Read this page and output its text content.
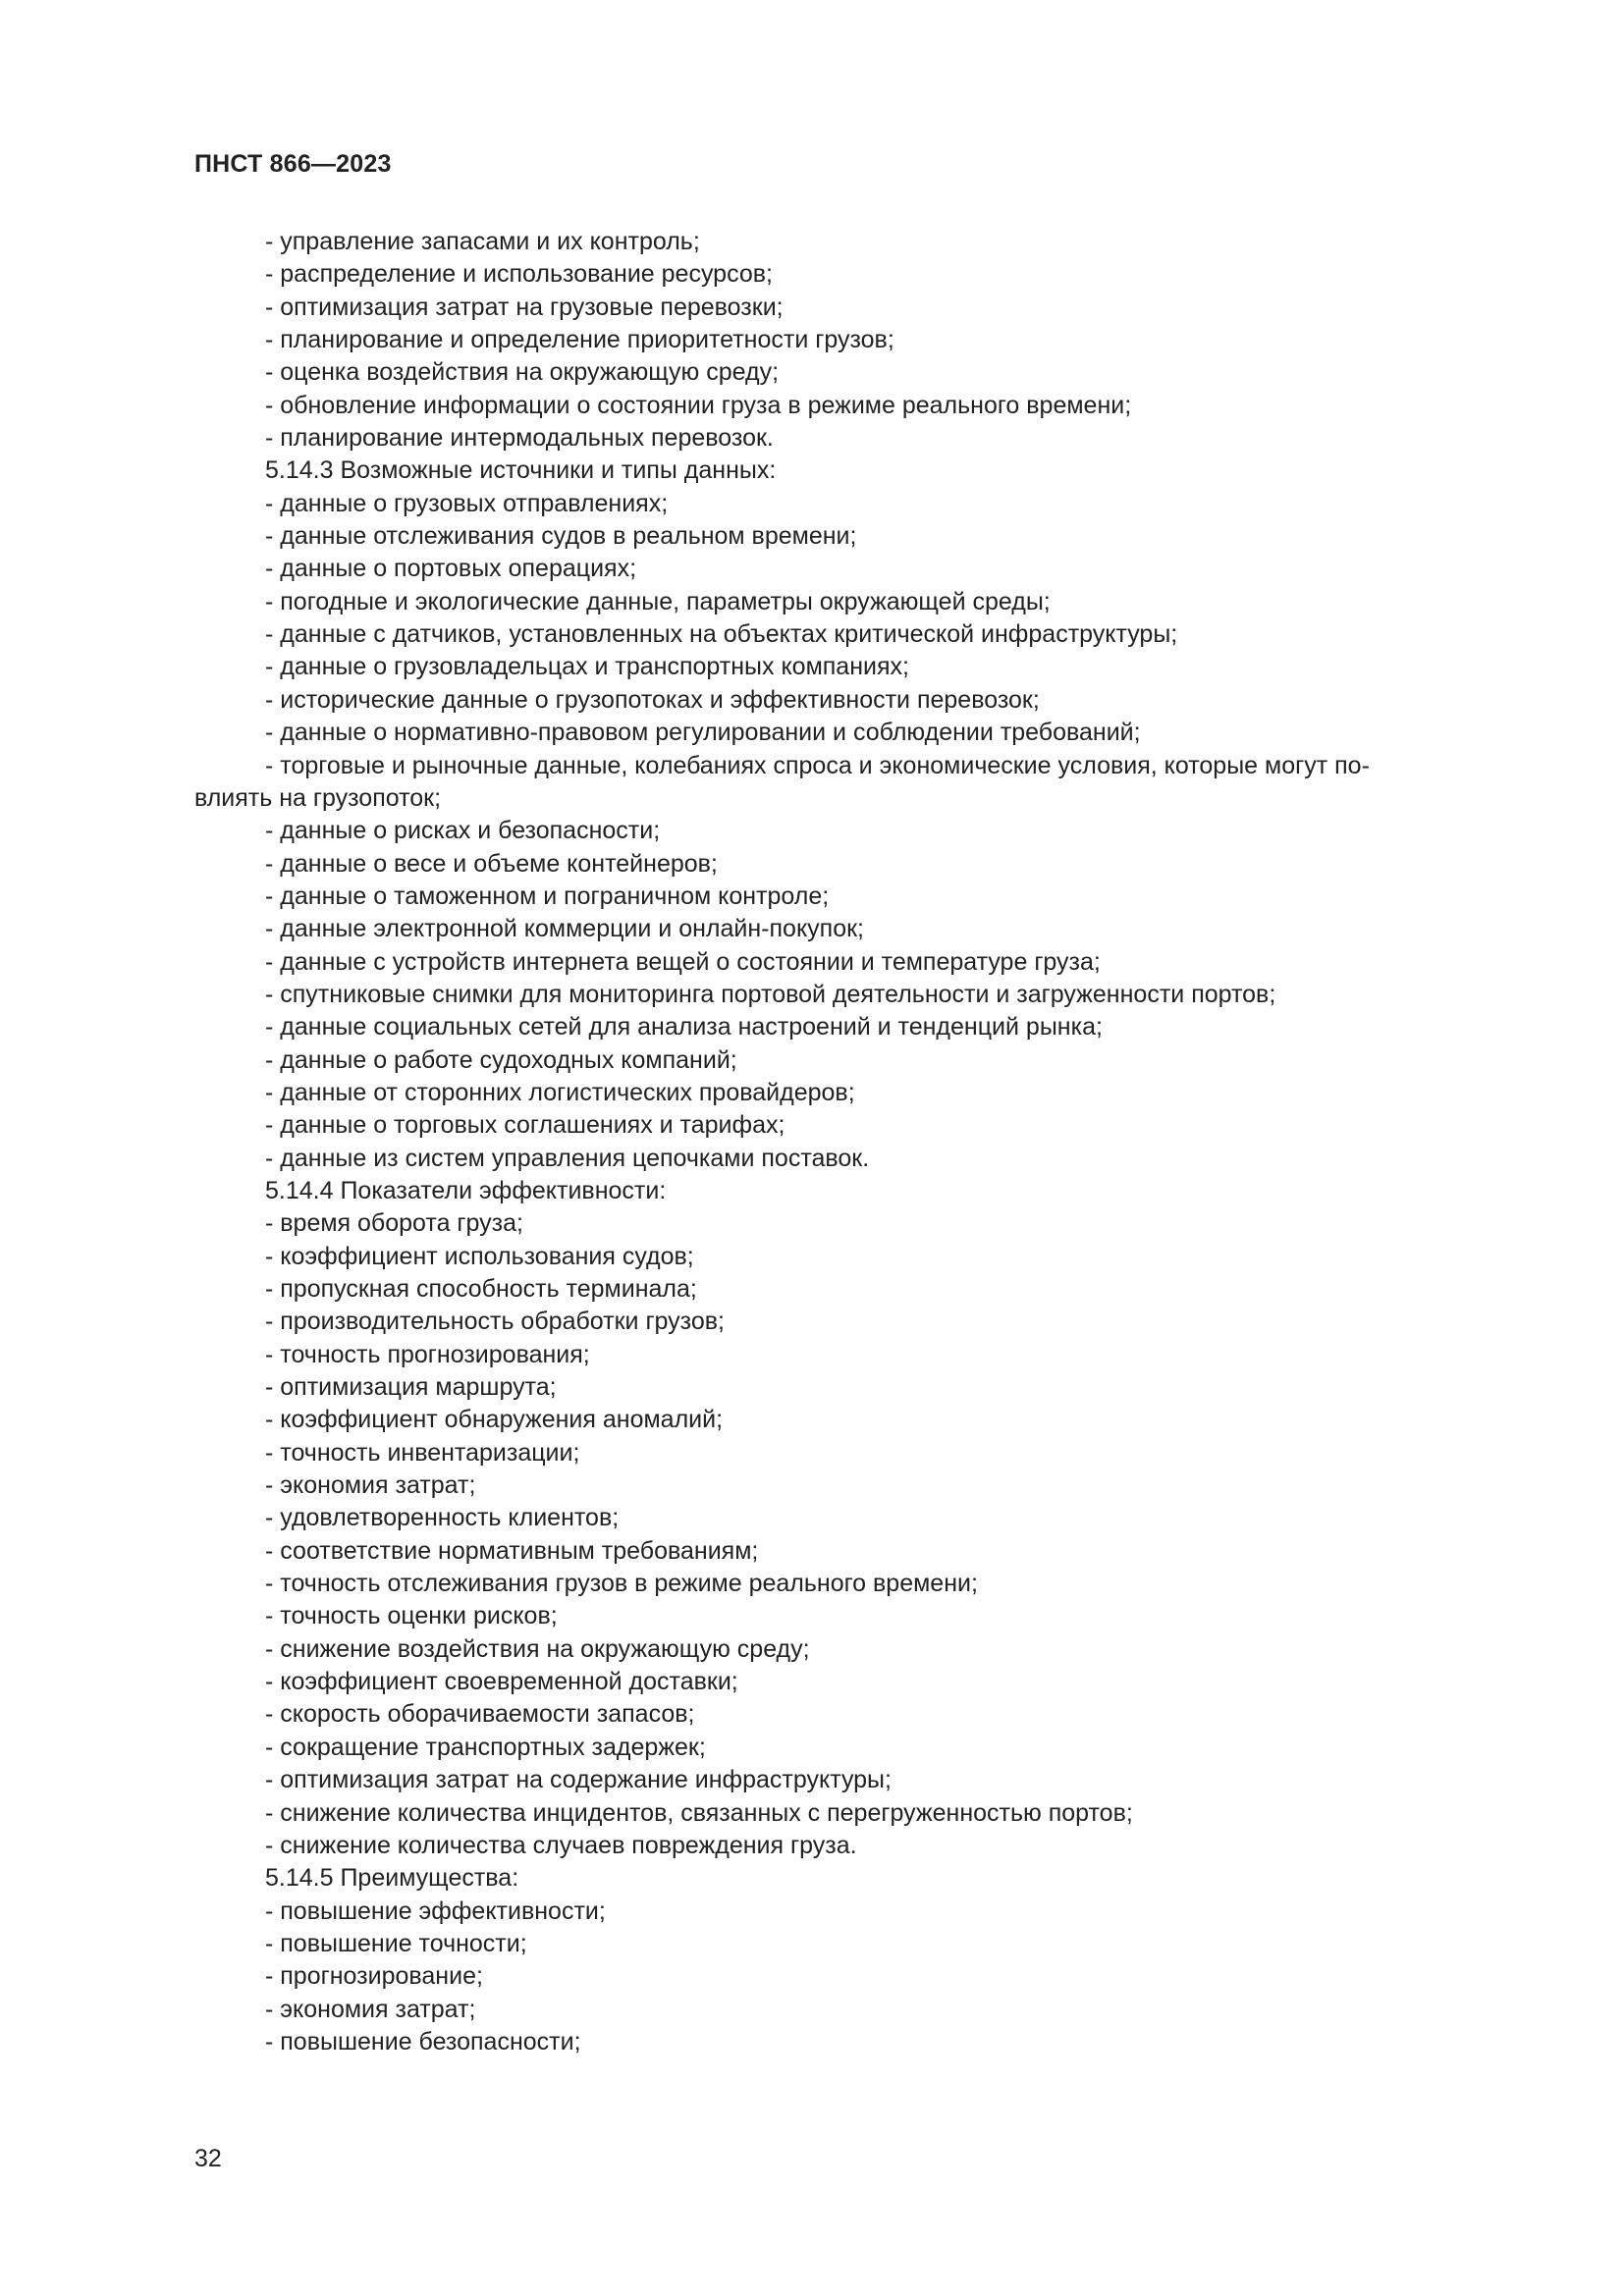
ПНСТ 866—2023
- управление запасами и их контроль;
- распределение и использование ресурсов;
- оптимизация затрат на грузовые перевозки;
- планирование и определение приоритетности грузов;
- оценка воздействия на окружающую среду;
- обновление информации о состоянии груза в режиме реального времени;
- планирование интермодальных перевозок.
5.14.3 Возможные источники и типы данных:
- данные о грузовых отправлениях;
- данные отслеживания судов в реальном времени;
- данные о портовых операциях;
- погодные и экологические данные, параметры окружающей среды;
- данные с датчиков, установленных на объектах критической инфраструктуры;
- данные о грузовладельцах и транспортных компаниях;
- исторические данные о грузопотоках и эффективности перевозок;
- данные о нормативно-правовом регулировании и соблюдении требований;
- торговые и рыночные данные, колебаниях спроса и экономические условия, которые могут по-
влиять на грузопоток;
- данные о рисках и безопасности;
- данные о весе и объеме контейнеров;
- данные о таможенном и пограничном контроле;
- данные электронной коммерции и онлайн-покупок;
- данные с устройств интернета вещей о состоянии и температуре груза;
- спутниковые снимки для мониторинга портовой деятельности и загруженности портов;
- данные социальных сетей для анализа настроений и тенденций рынка;
- данные о работе судоходных компаний;
- данные от сторонних логистических провайдеров;
- данные о торговых соглашениях и тарифах;
- данные из систем управления цепочками поставок.
5.14.4 Показатели эффективности:
- время оборота груза;
- коэффициент использования судов;
- пропускная способность терминала;
- производительность обработки грузов;
- точность прогнозирования;
- оптимизация маршрута;
- коэффициент обнаружения аномалий;
- точность инвентаризации;
- экономия затрат;
- удовлетворенность клиентов;
- соответствие нормативным требованиям;
- точность отслеживания грузов в режиме реального времени;
- точность оценки рисков;
- снижение воздействия на окружающую среду;
- коэффициент своевременной доставки;
- скорость оборачиваемости запасов;
- сокращение транспортных задержек;
- оптимизация затрат на содержание инфраструктуры;
- снижение количества инцидентов, связанных с перегруженностью портов;
- снижение количества случаев повреждения груза.
5.14.5 Преимущества:
- повышение эффективности;
- повышение точности;
- прогнозирование;
- экономия затрат;
- повышение безопасности;

32
